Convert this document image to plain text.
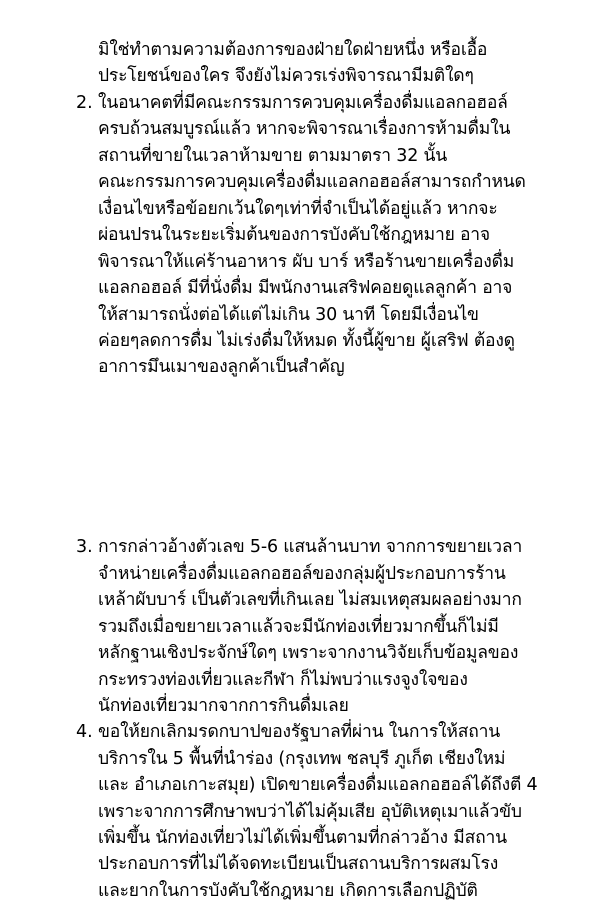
มิใช่ทำตามความต้องการของฝ่ายใดฝ่ายหนึ่ง หรือเอื้อ
ประโยชน์ของใคร จึงยังไม่ควรเร่งพิจารณามีมติใดๆ
2. ในอนาคตที่มีคณะกรรมการควบคุมเครื่องดื่มแอลกอฮอล์
ครบถ้วนสมบูรณ์แล้ว หากจะพิจารณาเรื่องการห้ามดื่มใน
สถานที่ขายในเวลาห้ามขาย ตามมาตรา 32 นั้น
คณะกรรมการควบคุมเครื่องดื่มแอลกอฮอล์สามารถกำหนด
เงื่อนไขหรือข้อยกเว้นใดๆเท่าที่จำเป็นได้อยู่แล้ว หากจะ
ผ่อนปรนในระยะเริ่มต้นของการบังคับใช้กฎหมาย อาจ
พิจารณาให้แค่ร้านอาหาร ผับ บาร์ หรือร้านขายเครื่องดื่ม
แอลกอฮอล์ มีที่นั่งดื่ม มีพนักงานเสริฟคอยดูแลลูกค้า อาจ
ให้สามารถนั่งต่อได้แต่ไม่เกิน 30 นาที โดยมีเงื่อนไข
ค่อยๆลดการดื่ม ไม่เร่งดื่มให้หมด ทั้งนี้ผู้ขาย ผู้เสริฟ ต้องดู
อาการมึนเมาของลูกค้าเป็นสำคัญ
3. การกล่าวอ้างตัวเลข 5-6 แสนล้านบาท จากการขยายเวลา
จำหน่ายเครื่องดื่มแอลกอฮอล์ของกลุ่มผู้ประกอบการร้าน
เหล้าผับบาร์ เป็นตัวเลขที่เกินเลย ไม่สมเหตุสมผลอย่างมาก
รวมถึงเมื่อขยายเวลาแล้วจะมีนักท่องเที่ยวมากขึ้นก็ไม่มี
หลักฐานเชิงประจักษ์ใดๆ เพราะจากงานวิจัยเก็บข้อมูลของ
กระทรวงท่องเที่ยวและกีฬา ก็ไม่พบว่าแรงจูงใจของ
นักท่องเที่ยวมากจากการกินดื่มเลย
4. ขอให้ยกเลิกมรดกบาปของรัฐบาลที่ผ่าน ในการให้สถาน
บริการใน 5 พื้นที่นำร่อง (กรุงเทพ ชลบุรี ภูเก็ต เชียงใหม่
และ อำเภอเกาะสมุย) เปิดขายเครื่องดื่มแอลกอฮอล์ได้ถึงตี 4
เพราะจากการศึกษาพบว่าได้ไม่คุ้มเสีย อุบัติเหตุเมาแล้วขับ
เพิ่มขึ้น นักท่องเที่ยวไม่ได้เพิ่มขึ้นตามที่กล่าวอ้าง มีสถาน
ประกอบการที่ไม่ได้จดทะเบียนเป็นสถานบริการผสมโรง
และยากในการบังคับใช้กฎหมาย เกิดการเลือกปฏิบัติ
